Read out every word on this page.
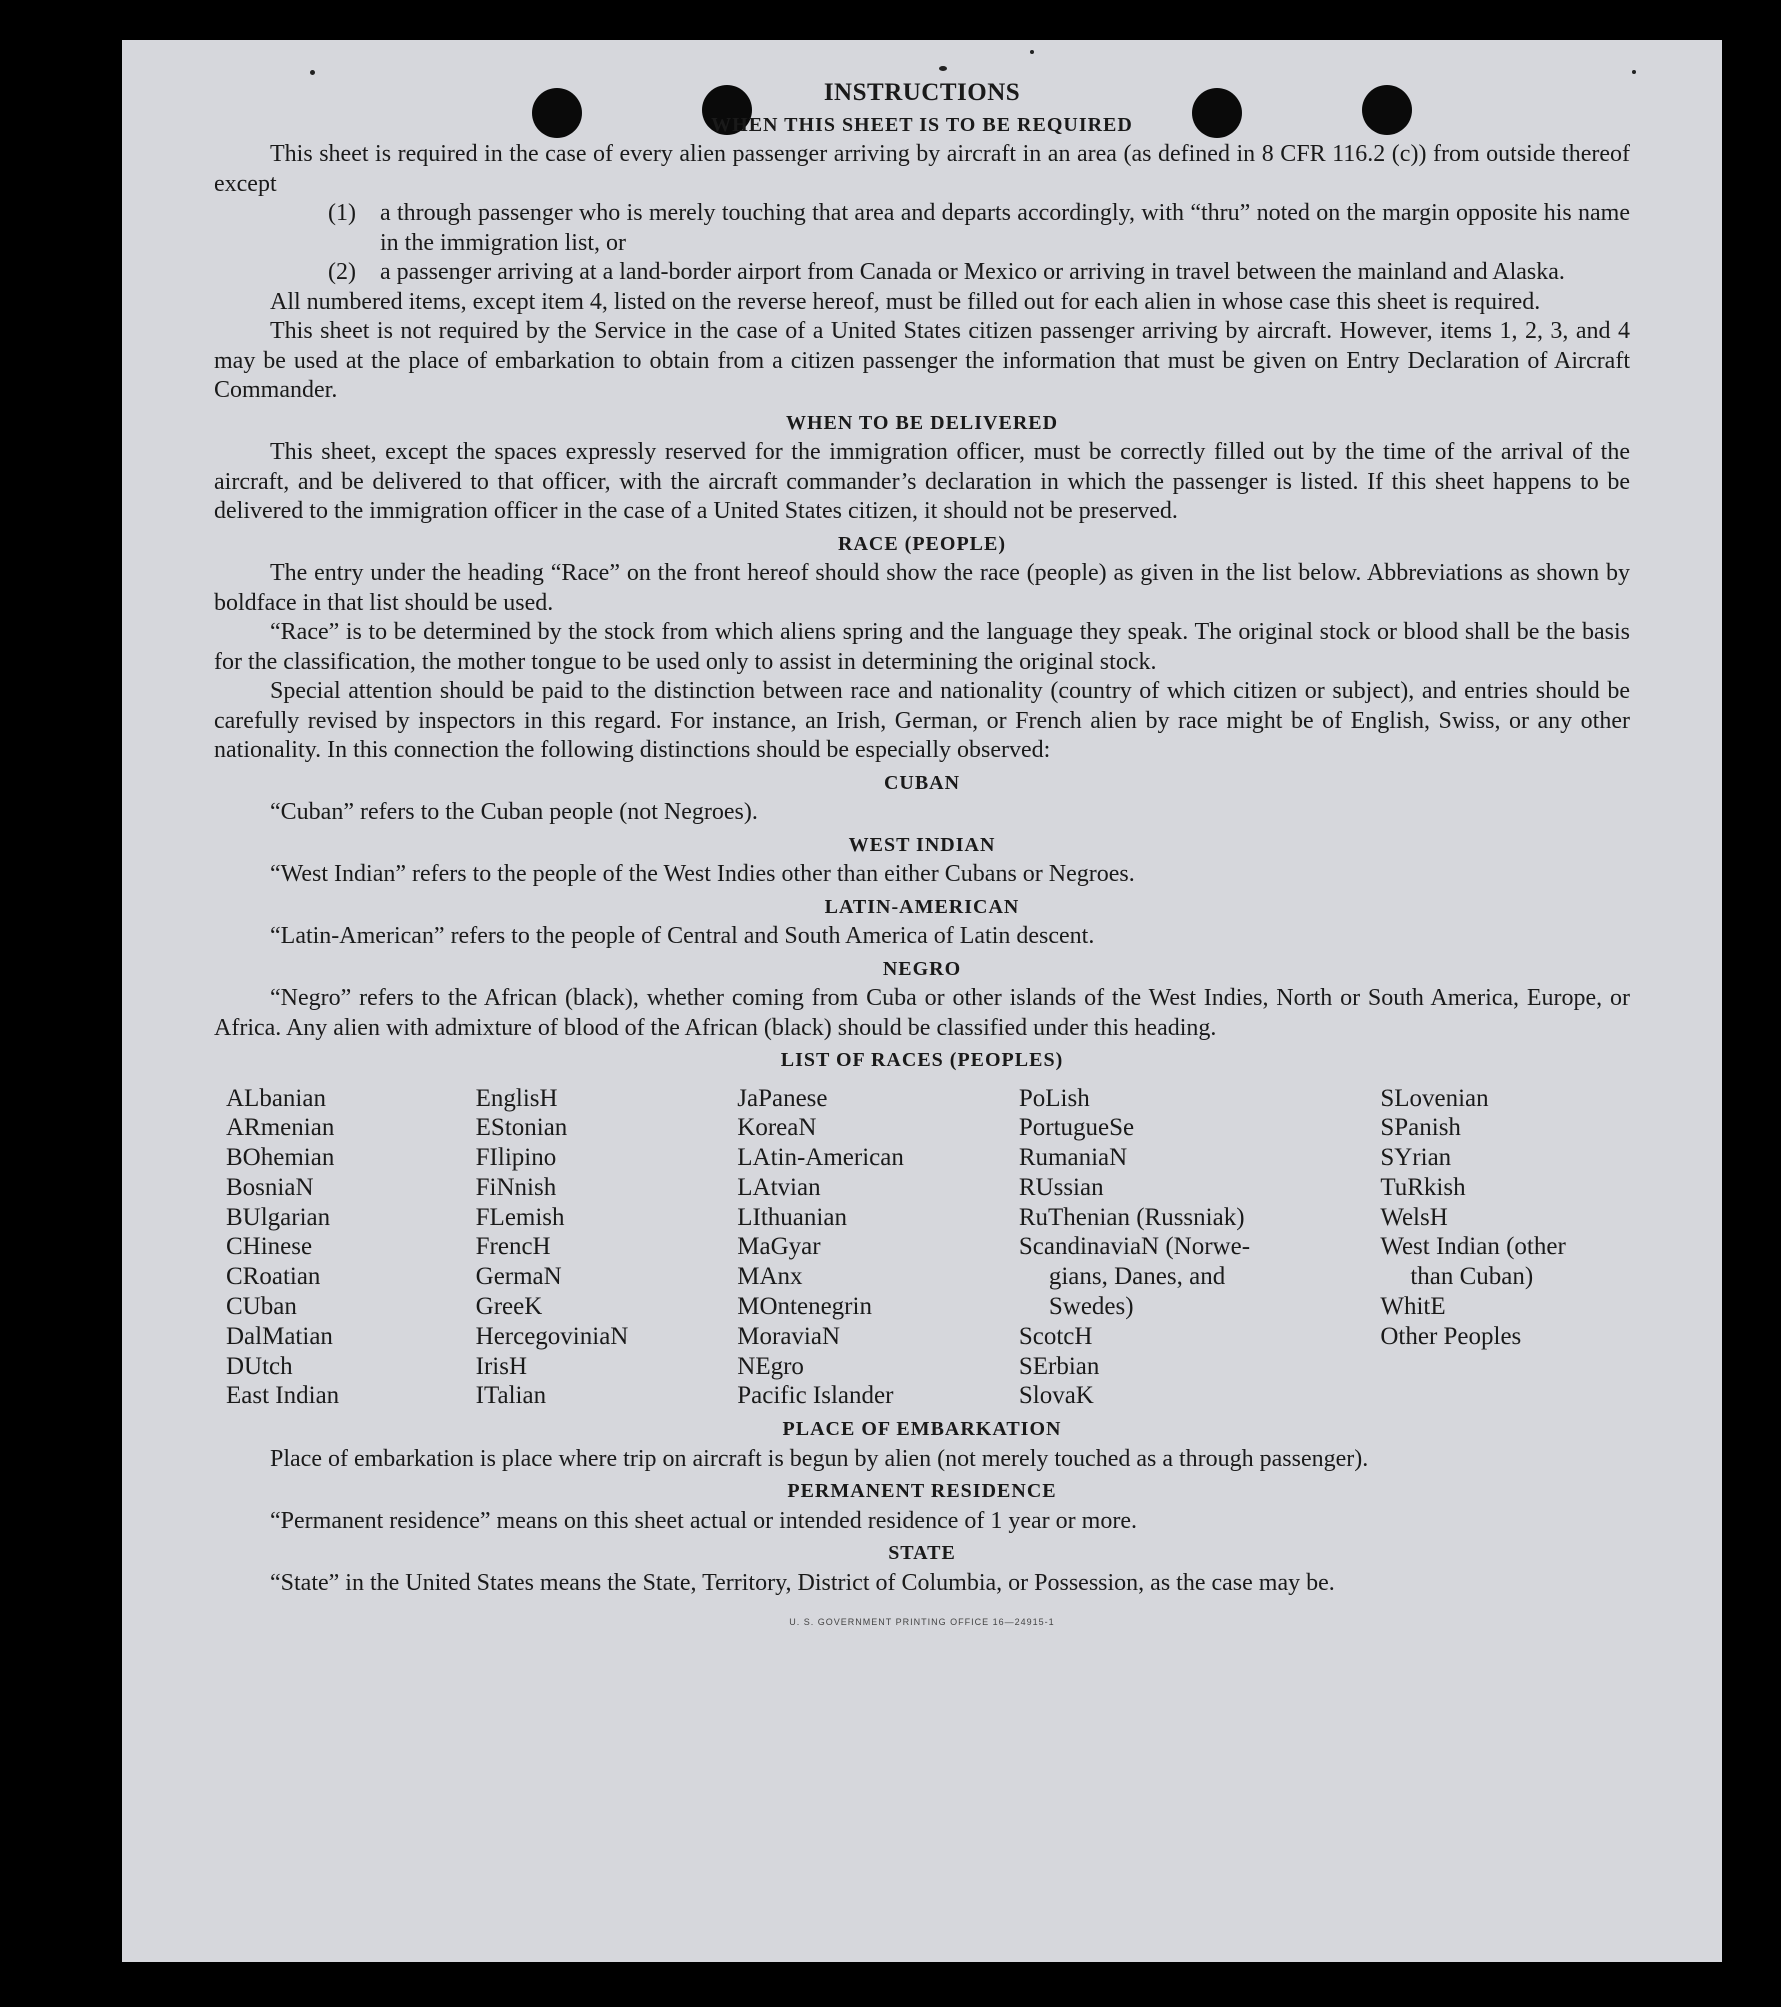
INSTRUCTIONS
WHEN THIS SHEET IS TO BE REQUIRED
This sheet is required in the case of every alien passenger arriving by aircraft in an area (as defined in 8 CFR 116.2 (c)) from outside thereof except
(1)	a through passenger who is merely touching that area and departs accordingly, with “thru” noted on the margin opposite his name in the immigration list, or
(2)	a passenger arriving at a land-border airport from Canada or Mexico or arriving in travel between the mainland and Alaska.
All numbered items, except item 4, listed on the reverse hereof, must be filled out for each alien in whose case this sheet is required.
This sheet is not required by the Service in the case of a United States citizen passenger arriving by aircraft. However, items 1, 2, 3, and 4 may be used at the place of embarkation to obtain from a citizen passenger the information that must be given on Entry Declaration of Aircraft Commander.
WHEN TO BE DELIVERED
This sheet, except the spaces expressly reserved for the immigration officer, must be correctly filled out by the time of the arrival of the aircraft, and be delivered to that officer, with the aircraft commander’s declaration in which the passenger is listed. If this sheet happens to be delivered to the immigration officer in the case of a United States citizen, it should not be preserved.
RACE (PEOPLE)
The entry under the heading “Race” on the front hereof should show the race (people) as given in the list below. Abbreviations as shown by boldface in that list should be used.
“Race” is to be determined by the stock from which aliens spring and the language they speak. The original stock or blood shall be the basis for the classification, the mother tongue to be used only to assist in determining the original stock.
Special attention should be paid to the distinction between race and nationality (country of which citizen or subject), and entries should be carefully revised by inspectors in this regard. For instance, an Irish, German, or French alien by race might be of English, Swiss, or any other nationality. In this connection the following distinctions should be especially observed:
CUBAN
“Cuban” refers to the Cuban people (not Negroes).
WEST INDIAN
“West Indian” refers to the people of the West Indies other than either Cubans or Negroes.
LATIN-AMERICAN
“Latin-American” refers to the people of Central and South America of Latin descent.
NEGRO
“Negro” refers to the African (black), whether coming from Cuba or other islands of the West Indies, North or South America, Europe, or Africa. Any alien with admixture of blood of the African (black) should be classified under this heading.
LIST OF RACES (PEOPLES)
ALbanian
ARmenian
BOhemian
BosniaN
BUlgarian
CHinese
CRoatian
CUban
DalMatian
DUtch
East Indian
EnglisH
EStonian
FIlipino
FiNnish
FLemish
FrencH
GermaN
GreeK
HercegoviniaN
IrisH
ITalian
JaPanese
KoreaN
LAtin-American
LAtvian
LIthuanian
MaGyar
MAnx
MOntenegrin
MoraviaN
NEgro
Pacific Islander
PoLish
PortugueSe
RumaniaN
RUssian
RuThenian (Russniak)
ScandinaviaN (Norwe-
gians, Danes, and
Swedes)
ScotcH
SErbian
SlovaK
SLovenian
SPanish
SYrian
TuRkish
WelsH
West Indian (other
than Cuban)
WhitE
Other Peoples
PLACE OF EMBARKATION
Place of embarkation is place where trip on aircraft is begun by alien (not merely touched as a through passenger).
PERMANENT RESIDENCE
“Permanent residence” means on this sheet actual or intended residence of 1 year or more.
STATE
“State” in the United States means the State, Territory, District of Columbia, or Possession, as the case may be.
U. S. GOVERNMENT PRINTING OFFICE 16—24915-1
